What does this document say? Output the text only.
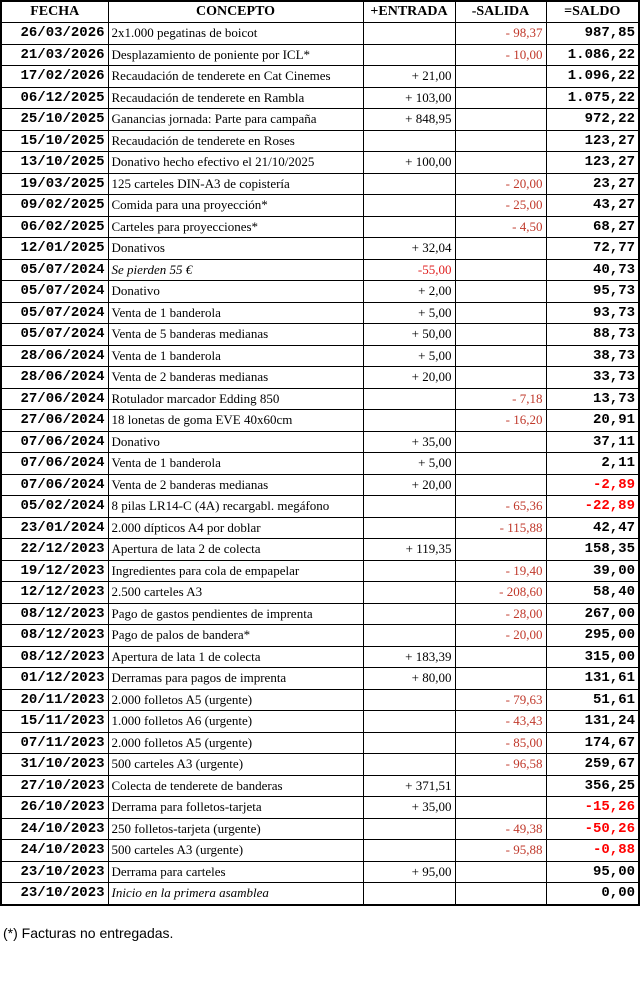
FECHA	CONCEPTO	+ENTRADA	-SALIDA	=SALDO
26/03/2026	2x1.000 pegatinas de boicot		- 98,37	987,85
21/03/2026	Desplazamiento de poniente por ICL*		- 10,00	1.086,22
17/02/2026	Recaudación de tenderete en Cat Cinemes	+ 21,00		1.096,22
06/12/2025	Recaudación de tenderete en Rambla	+ 103,00		1.075,22
25/10/2025	Ganancias jornada: Parte para campaña	+ 848,95		972,22
15/10/2025	Recaudación de tenderete en Roses			123,27
13/10/2025	Donativo hecho efectivo el 21/10/2025	+ 100,00		123,27
19/03/2025	125 carteles DIN-A3 de copistería		- 20,00	23,27
09/02/2025	Comida para una proyección*		- 25,00	43,27
06/02/2025	Carteles para proyecciones*		- 4,50	68,27
12/01/2025	Donativos	+ 32,04		72,77
05/07/2024	Se pierden 55 €	-55,00		40,73
05/07/2024	Donativo	+ 2,00		95,73
05/07/2024	Venta de 1 banderola	+ 5,00		93,73
05/07/2024	Venta de 5 banderas medianas	+ 50,00		88,73
28/06/2024	Venta de 1 banderola	+ 5,00		38,73
28/06/2024	Venta de 2 banderas medianas	+ 20,00		33,73
27/06/2024	Rotulador marcador Edding 850		- 7,18	13,73
27/06/2024	18 lonetas de goma EVE 40x60cm		- 16,20	20,91
07/06/2024	Donativo	+ 35,00		37,11
07/06/2024	Venta de 1 banderola	+ 5,00		2,11
07/06/2024	Venta de 2 banderas medianas	+ 20,00		-2,89
05/02/2024	8 pilas LR14-C (4A) recargabl. megáfono		- 65,36	-22,89
23/01/2024	2.000 dípticos A4 por doblar		- 115,88	42,47
22/12/2023	Apertura de lata 2 de colecta	+ 119,35		158,35
19/12/2023	Ingredientes para cola de empapelar		- 19,40	39,00
12/12/2023	2.500 carteles A3		- 208,60	58,40
08/12/2023	Pago de gastos pendientes de imprenta		- 28,00	267,00
08/12/2023	Pago de palos de bandera*		- 20,00	295,00
08/12/2023	Apertura de lata 1 de colecta	+ 183,39		315,00
01/12/2023	Derramas para pagos de imprenta	+ 80,00		131,61
20/11/2023	2.000 folletos A5 (urgente)		- 79,63	51,61
15/11/2023	1.000 folletos A6 (urgente)		- 43,43	131,24
07/11/2023	2.000 folletos A5 (urgente)		- 85,00	174,67
31/10/2023	500 carteles A3 (urgente)		- 96,58	259,67
27/10/2023	Colecta de tenderete de banderas	+ 371,51		356,25
26/10/2023	Derrama para folletos-tarjeta	+ 35,00		-15,26
24/10/2023	250 folletos-tarjeta (urgente)		- 49,38	-50,26
24/10/2023	500 carteles A3 (urgente)		- 95,88	-0,88
23/10/2023	Derrama para carteles	+ 95,00		95,00
23/10/2023	Inicio en la primera asamblea			0,00
(*) Facturas no entregadas.
